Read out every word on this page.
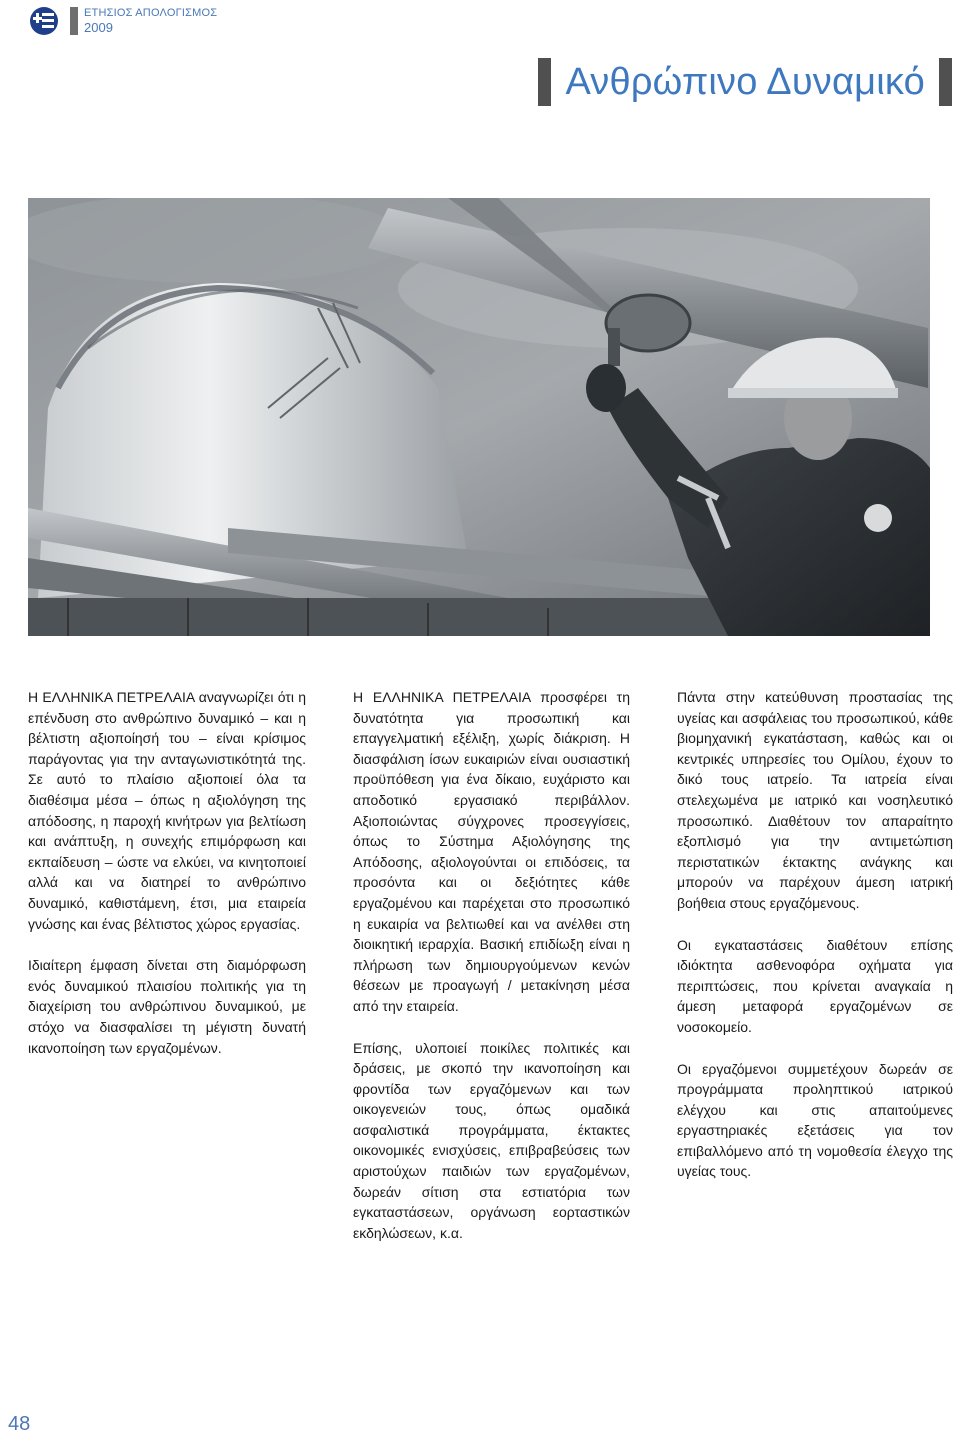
ΕΤΗΣΙΟΣ ΑΠΟΛΟΓΙΣΜΟΣ
2009
Ανθρώπινο Δυναμικό

Η ΕΛΛΗΝΙΚΑ ΠΕΤΡΕΛΑΙΑ αναγνωρίζει ότι η επένδυση στο ανθρώπινο δυναμικό – και η βέλτιστη αξιοποίησή του – είναι κρίσιμος παράγοντας για την ανταγωνιστικότητά της. Σε αυτό το πλαίσιο αξιοποιεί όλα τα διαθέσιμα μέσα – όπως η αξιολόγηση της απόδοσης, η παροχή κινήτρων για βελτίωση και ανάπτυξη, η συνεχής επιμόρφωση και εκπαίδευση – ώστε να ελκύει, να κινητοποιεί αλλά και να διατηρεί το ανθρώπινο δυναμικό, καθιστάμενη, έτσι, μια εταιρεία γνώσης και ένας βέλτιστος χώρος εργασίας.

Ιδιαίτερη έμφαση δίνεται στη διαμόρφωση ενός δυναμικού πλαισίου πολιτικής για τη διαχείριση του ανθρώπινου δυναμικού, με στόχο να διασφαλίσει τη μέγιστη δυνατή ικανοποίηση των εργαζομένων.

Η ΕΛΛΗΝΙΚΑ ΠΕΤΡΕΛΑΙΑ προσφέρει τη δυνατότητα για προσωπική και επαγγελματική εξέλιξη, χωρίς διάκριση. Η διασφάλιση ίσων ευκαιριών είναι ουσιαστική προϋπόθεση για ένα δίκαιο, ευχάριστο και αποδοτικό εργασιακό περιβάλλον. Αξιοποιώντας σύγχρονες προσεγγίσεις, όπως το Σύστημα Αξιολόγησης της Απόδοσης, αξιολογούνται οι επιδόσεις, τα προσόντα και οι δεξιότητες κάθε εργαζομένου και παρέχεται στο προσωπικό η ευκαιρία να βελτιωθεί και να ανέλθει στη διοικητική ιεραρχία. Βασική επιδίωξη είναι η πλήρωση των δημιουργούμενων κενών θέσεων με προαγωγή / μετακίνηση μέσα από την εταιρεία.

Επίσης, υλοποιεί ποικίλες πολιτικές και δράσεις, με σκοπό την ικανοποίηση και φροντίδα των εργαζόμενων και των οικογενειών τους, όπως ομαδικά ασφαλιστικά προγράμματα, έκτακτες οικονομικές ενισχύσεις, επιβραβεύσεις των αριστούχων παιδιών των εργαζομένων, δωρεάν σίτιση στα εστιατόρια των εγκαταστάσεων, οργάνωση εορταστικών εκδηλώσεων, κ.α.

Πάντα στην κατεύθυνση προστασίας της υγείας και ασφάλειας του προσωπικού, κάθε βιομηχανική εγκατάσταση, καθώς και οι κεντρικές υπηρεσίες του Ομίλου, έχουν το δικό τους ιατρείο. Τα ιατρεία είναι στελεχωμένα με ιατρικό και νοσηλευτικό προσωπικό. Διαθέτουν τον απαραίτητο εξοπλισμό για την αντιμετώπιση περιστατικών έκτακτης ανάγκης και μπορούν να παρέχουν άμεση ιατρική βοήθεια στους εργαζόμενους.

Οι εγκαταστάσεις διαθέτουν επίσης ιδιόκτητα ασθενοφόρα οχήματα για περιπτώσεις, που κρίνεται αναγκαία η άμεση μεταφορά εργαζομένων σε νοσοκομείο.

Οι εργαζόμενοι συμμετέχουν δωρεάν σε προγράμματα προληπτικού ιατρικού ελέγχου και στις απαιτούμενες εργαστηριακές εξετάσεις για τον επιβαλλόμενο από τη νομοθεσία έλεγχο της υγείας τους.

48
